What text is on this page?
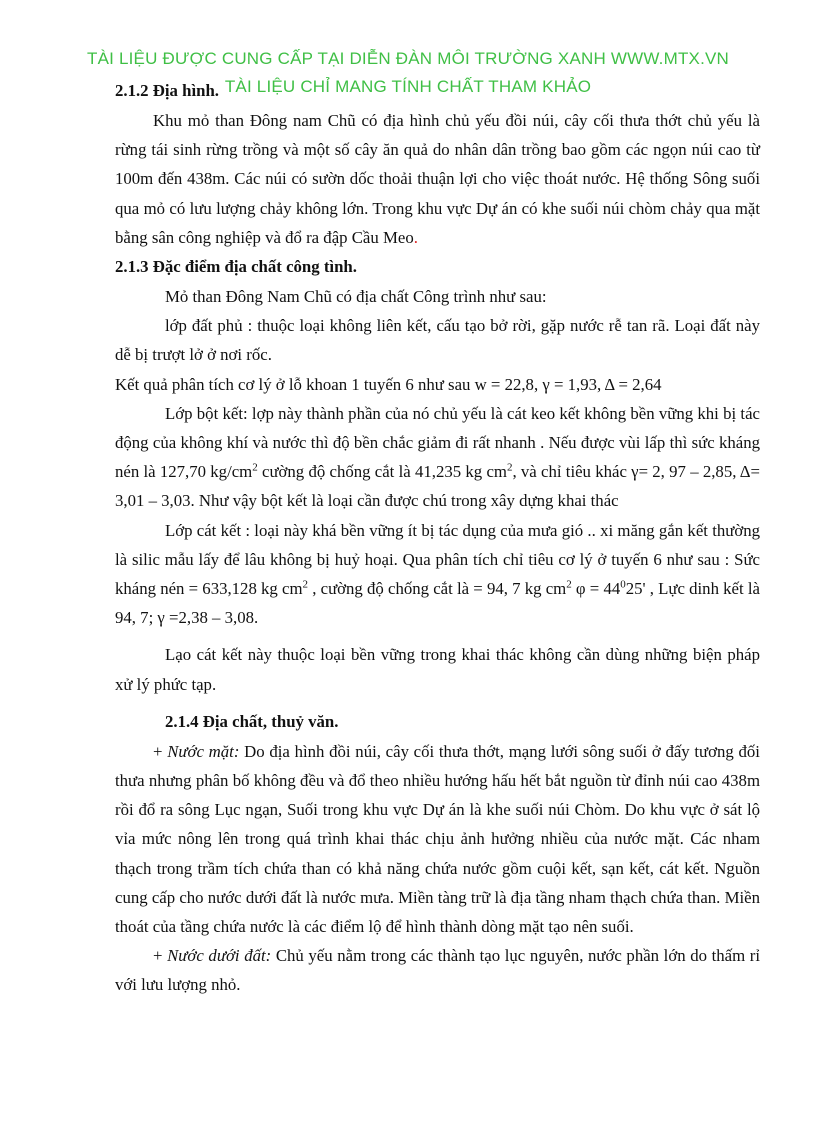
TÀI LIỆU ĐƯỢC CUNG CẤP TẠI DIỄN ĐÀN MÔI TRƯỜNG XANH WWW.MTX.VN
2.1.2 Địa hình.

Khu mỏ than Đông nam Chũ có địa hình chủ yếu đồi núi, cây cối thưa thớt chủ yếu là rừng tái sinh rừng trồng và một số cây ăn quả do nhân dân trồng bao gồm các ngọn núi cao từ 100m đến 438m. Các núi có sườn dốc thoải thuận lợi cho việc thoát nước. Hệ thống Sông suối qua mỏ có lưu lượng chảy không lớn. Trong khu vực Dự án có khe suối núi chòm chảy qua mặt bằng sân công nghiệp và đổ ra đập Cầu Meo.

2.1.3 Đặc điểm địa chất công tình.

Mỏ than Đông Nam Chũ có địa chất Công trình như sau:

lớp đất phủ : thuộc loại không liên kết, cấu tạo bở rời, gặp nước rễ tan rã. Loại đất này dễ bị trượt lở ở nơi rốc.

Kết quả phân tích cơ lý ở lỗ khoan 1 tuyến 6 như sau w = 22,8, γ = 1,93, Δ = 2,64

Lớp bột kết: lợp này thành phần của nó chủ yếu là cát keo kết không bền vững khi bị tác động của không khí và nước thì độ bền chắc giảm đi rất nhanh . Nếu được vùi lấp thì sức kháng nén là 127,70 $kg/cm^2$ cường độ chống cắt là 41,235 kg $cm^2$, và chỉ tiêu khác γ= 2, 97 – 2,85, Δ= 3,01 – 3,03. Như vậy bột kết là loại cần được chú trong xây dựng khai thác

Lớp cát kết : loại này khá bền vững ít bị tác dụng của mưa gió .. xi măng gắn kết thường là silic mẫu lấy để lâu không bị huỷ hoại. Qua phân tích chỉ tiêu cơ lý ở tuyến 6 như sau : Sức kháng nén = 633,128 kg $cm^2$ , cường độ chống cắt là = 94, 7 kg $cm^2$ $\varphi = 44^025'$ , Lực dinh kết là 94, 7; γ =2,38 – 3,08.

Lạo cát kết này thuộc loại bền vững trong khai thác không cần dùng những biện pháp xử lý phức tạp.

2.1.4 Địa chất, thuỷ văn.

+ Nước mặt: Do địa hình đồi núi, cây cối thưa thớt, mạng lưới sông suối ở đấy tương đối thưa nhưng phân bố không đều và đổ theo nhiều hướng hấu hết bắt nguồn từ đỉnh núi cao 438m rồi đổ ra sông Lục ngạn, Suối trong khu vực Dự án là khe suối núi Chòm. Do khu vực ở sát lộ vỉa mức nông lên trong quá trình khai thác chịu ảnh hưởng nhiều của nước mặt. Các nham thạch trong trầm tích chứa than có khả năng chứa nước gồm cuội kết, sạn kết, cát kết. Nguồn cung cấp cho nước dưới đất là nước mưa. Miền tàng trữ là địa tầng nham thạch chứa than. Miền thoát của tầng chứa nước là các điểm lộ để hình thành dòng mặt tạo nên suối.

+ Nước dưới đất: Chủ yếu nằm trong các thành tạo lục nguyên, nước phần lớn do thấm rỉ với lưu lượng nhỏ.

TÀI LIỆU CHỈ MANG TÍNH CHẤT THAM KHẢO
